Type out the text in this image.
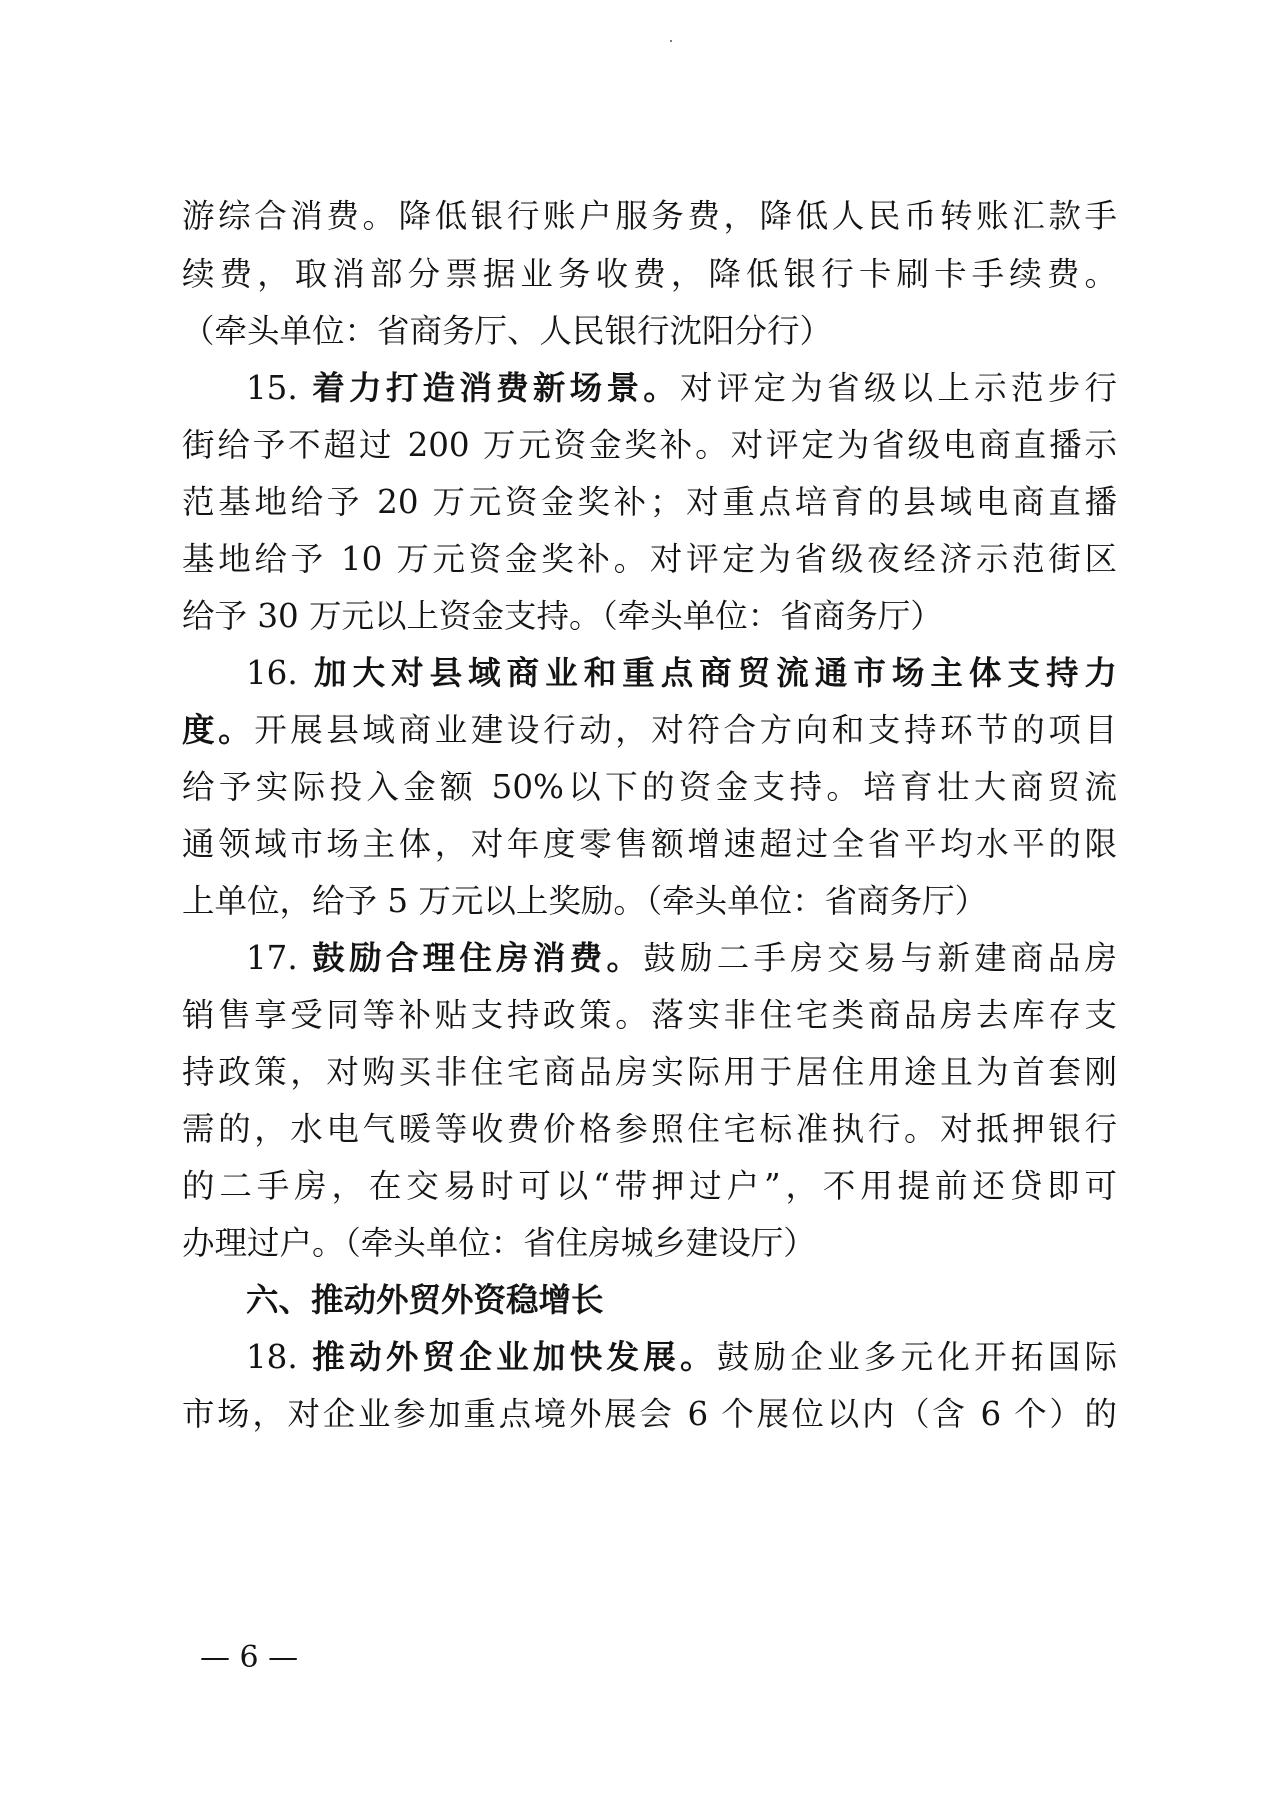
游综合消费。降低银行账户服务费，降低人民币转账汇款手
续费，取消部分票据业务收费，降低银行卡刷卡手续费。
（牵头单位：省商务厅、人民银行沈阳分行）
15. 着力打造消费新场景。对评定为省级以上示范步行
街给予不超过 200 万元资金奖补。对评定为省级电商直播示
范基地给予 20 万元资金奖补；对重点培育的县域电商直播
基地给予 10 万元资金奖补。对评定为省级夜经济示范街区
给予 30 万元以上资金支持。（牵头单位：省商务厅）
16. 加大对县域商业和重点商贸流通市场主体支持力
度。开展县域商业建设行动，对符合方向和支持环节的项目
给予实际投入金额 50%以下的资金支持。培育壮大商贸流
通领域市场主体，对年度零售额增速超过全省平均水平的限
上单位，给予 5 万元以上奖励。（牵头单位：省商务厅）
17. 鼓励合理住房消费。鼓励二手房交易与新建商品房
销售享受同等补贴支持政策。落实非住宅类商品房去库存支
持政策，对购买非住宅商品房实际用于居住用途且为首套刚
需的，水电气暖等收费价格参照住宅标准执行。对抵押银行
的二手房，在交易时可以“带押过户”，不用提前还贷即可
办理过户。（牵头单位：省住房城乡建设厅）
六、推动外贸外资稳增长
18. 推动外贸企业加快发展。鼓励企业多元化开拓国际
市场，对企业参加重点境外展会 6 个展位以内（含 6 个）的
— 6 —
